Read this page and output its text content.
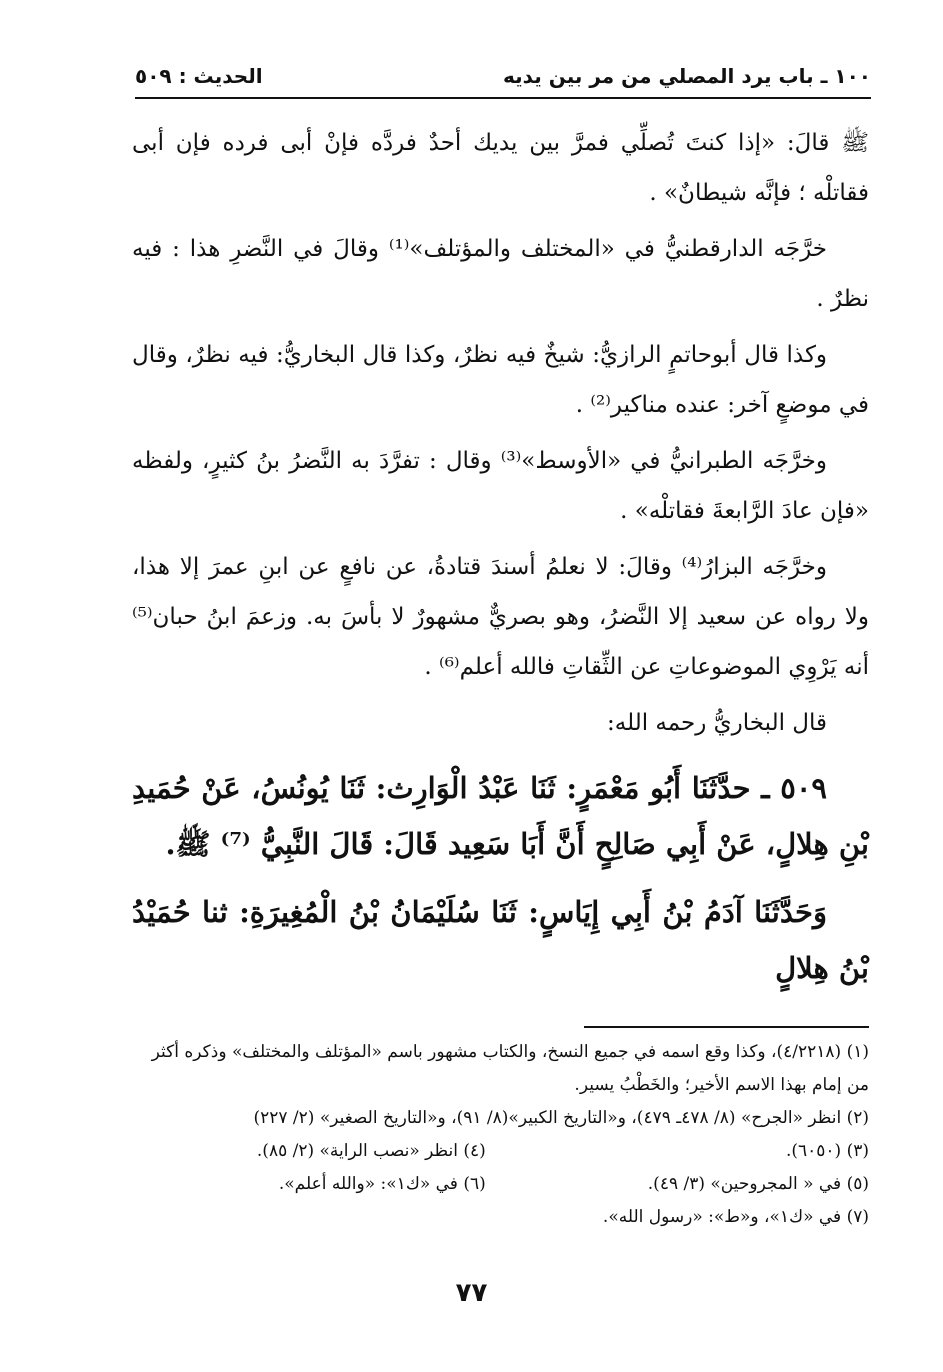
١٠٠ ـ باب يرد المصلي من مر بين يديه
الحديث : ٥٠٩

ﷺ قالَ: «إذا كنتَ تُصلِّي فمرَّ بين يديك أحدٌ فردَّه فإنْ أبى فرده فإن أبى فقاتلْه ؛ فإنَّه شيطانٌ» .

خرَّجَه الدارقطنيُّ في «المختلف والمؤتلف»⁽¹⁾ وقالَ في النَّضرِ هذا : فيه نظرٌ .

وكذا قال أبوحاتمٍ الرازيُّ: شيخٌ فيه نظرٌ، وكذا قال البخاريُّ: فيه نظرٌ، وقال في موضعٍ آخر: عنده مناكير⁽²⁾ .

وخرَّجَه الطبرانيُّ في «الأوسط»⁽³⁾ وقال : تفرَّدَ به النَّضرُ بنُ كثيرٍ، ولفظه «فإن عادَ الرَّابعةَ فقاتلْه» .

وخرَّجَه البزارُ⁽⁴⁾ وقالَ: لا نعلمُ أسندَ قتادةُ، عن نافعٍ عن ابنِ عمرَ إلا هذا، ولا رواه عن سعيد إلا النَّضرُ، وهو بصريٌّ مشهورٌ لا بأسَ به. وزعمَ ابنُ حبان⁽⁵⁾ أنه يَرْوِي الموضوعاتِ عن الثِّقاتِ فالله أعلم⁽⁶⁾ .

قال البخاريُّ رحمه الله:

٥٠٩ ـ حدَّثَنَا أَبُو مَعْمَرٍ: ثَنَا عَبْدُ الْوَارِث: ثَنَا يُونُسُ، عَنْ حُمَيدِ بْنِ هِلالٍ، عَنْ أَبِي صَالِحٍ أَنَّ أَبَا سَعِيد قَالَ: قَالَ النَّبِيُّ ⁽⁷⁾ ﷺ.

وَحَدَّثَنَا آدَمُ بْنُ أَبِي إِيَاسٍ: ثَنَا سُلَيْمَانُ بْنُ الْمُغِيرَةِ: ثنا حُمَيْدُ بْنُ هِلالٍ

(١) (٤/٢٢١٨)، وكذا وقع اسمه في جميع النسخ، والكتاب مشهور باسم «المؤتلف والمختلف» وذكره أكثر من إمام بهذا الاسم الأخير؛ والخَطْبُ يسير.

(٢) انظر «الجرح» (٨/ ٤٧٨ـ ٤٧٩)، و«التاريخ الكبير»(٨/ ٩١)، و«التاريخ الصغير» (٢/ ٢٢٧)

(٣) (٦٠٥٠).

(٤) انظر «نصب الراية» (٢/ ٨٥).

(٥) في « المجروحين» (٣/ ٤٩).

(٦) في «ك١»: «والله أعلم».

(٧) في «ك١»، و«ط»: «رسول الله».

٧٧
